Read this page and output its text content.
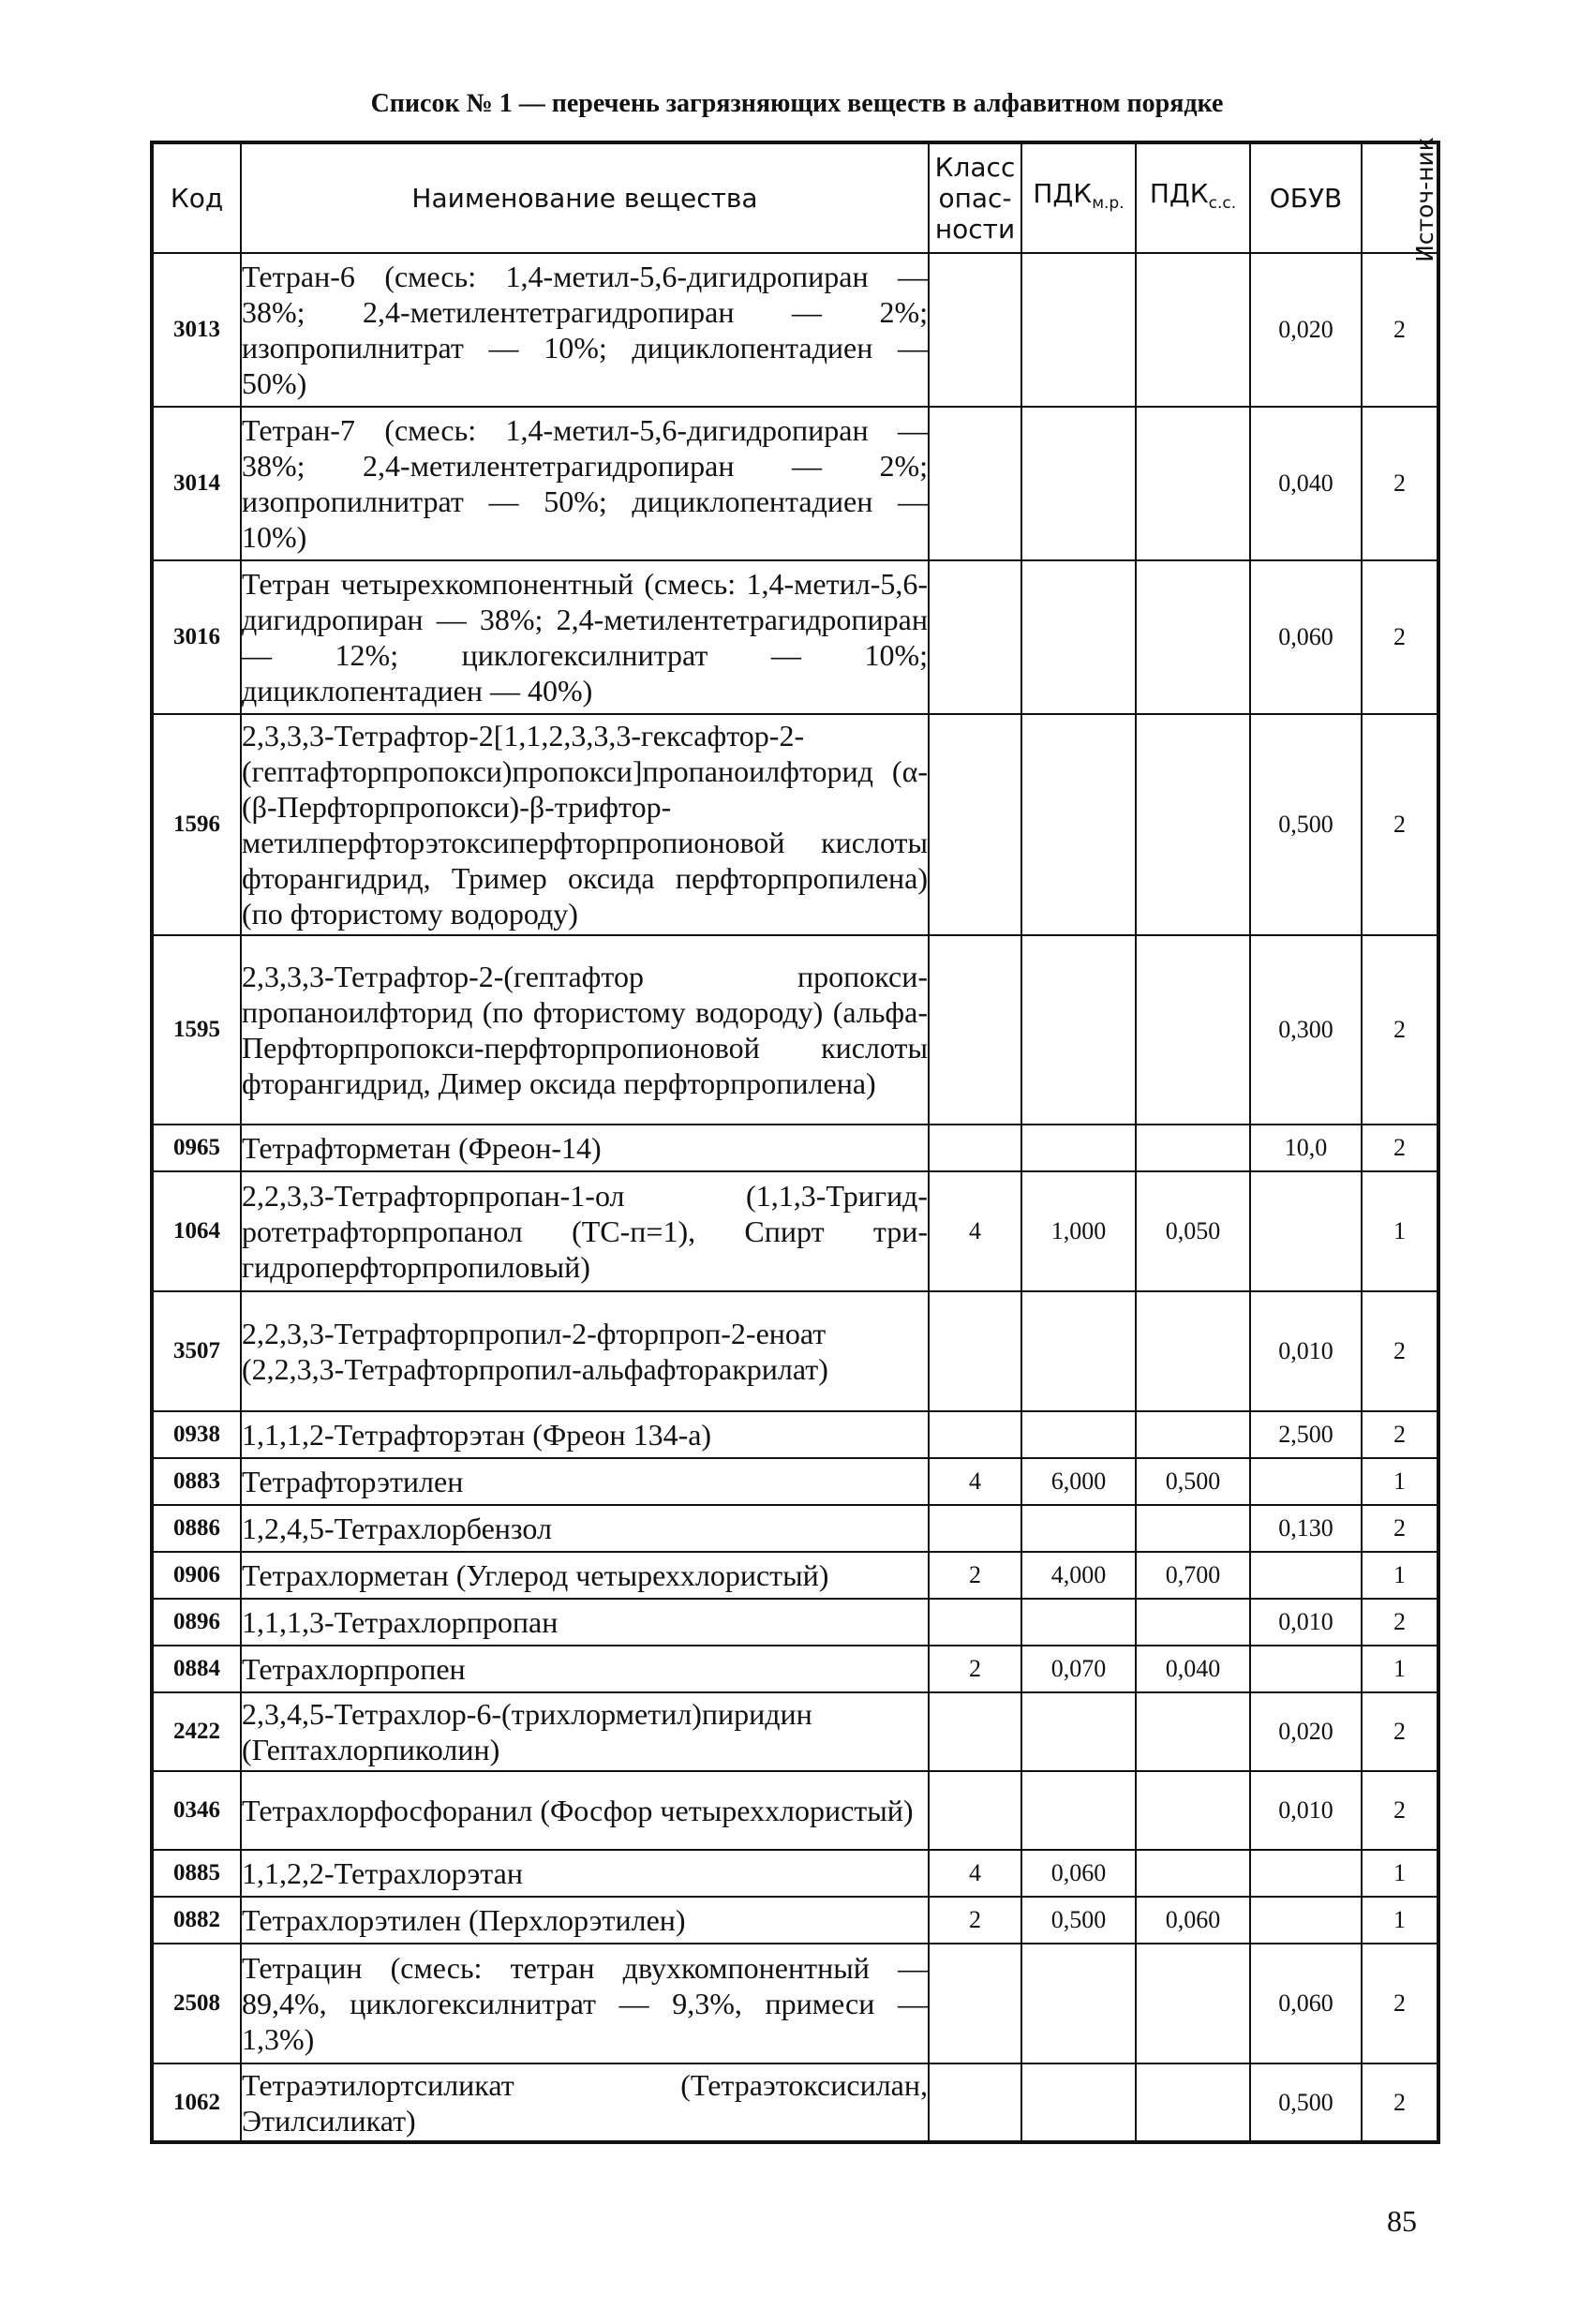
Список № 1 — перечень загрязняющих веществ в алфавитном порядке
Код	Наименование вещества	Класс опасности	$ПДК_{м.р.}$	$ПДК_{с.с.}$	ОБУВ	Источ-ник
3013	Тетран-6 (смесь: 1,4-метил-5,6-дигидропиран — 38%; 2,4-метилентетрагидропиран — 2%; изопропилнитрат — 10%; дициклопентадиен — 50%)				0,020	2
3014	Тетран-7 (смесь: 1,4-метил-5,6-дигидропиран — 38%; 2,4-метилентетрагидропиран — 2%; изопропилнитрат — 50%; дициклопентадиен — 10%)				0,040	2
3016	Тетран четырехкомпонентный (смесь: 1,4-метил-5,6-дигидропиран — 38%; 2,4-метилентетрагидропиран — 12%; циклогексилнитрат — 10%; дициклопентадиен — 40%)				0,060	2
1596	2,3,3,3-Тетрафтор-2[1,1,2,3,3,3-гексафтор-2-(гептафторпропокси)пропокси]пропаноилфторид (α-(β-Перфторпропокси)-β-трифторметилперфторэтоксиперфторпропионовой кислоты фторангидрид, Тример оксида перфторпропилена) (по фтористому водороду)				0,500	2
1595	2,3,3,3-Тетрафтор-2-(гептафтор пропоксипропаноилфторид (по фтористому водороду) (альфа-Перфторпропокси-перфторпропионовой кислоты фторангидрид, Димер оксида перфторпропилена)				0,300	2
0965	Тетрафторметан (Фреон-14)				10,0	2
1064	2,2,3,3-Тетрафторпропан-1-ол (1,1,3-Тригидротетрафторпропанол (ТС-п=1), Спирт тригидроперфторпропиловый)	4	1,000	0,050		1
3507	2,2,3,3-Тетрафторпропил-2-фторпроп-2-еноат (2,2,3,3-Тетрафторпропил-альфафторакрилат)				0,010	2
0938	1,1,1,2-Тетрафторэтан (Фреон 134-а)				2,500	2
0883	Тетрафторэтилен	4	6,000	0,500		1
0886	1,2,4,5-Тетрахлорбензол				0,130	2
0906	Тетрахлорметан (Углерод четыреххлористый)	2	4,000	0,700		1
0896	1,1,1,3-Тетрахлорпропан				0,010	2
0884	Тетрахлорпропен	2	0,070	0,040		1
2422	2,3,4,5-Тетрахлор-6-(трихлорметил)пиридин (Гептахлорпиколин)				0,020	2
0346	Тетрахлорфосфоранил (Фосфор четыреххлористый)				0,010	2
0885	1,1,2,2-Тетрахлорэтан	4	0,060			1
0882	Тетрахлорэтилен (Перхлорэтилен)	2	0,500	0,060		1
2508	Тетрацин (смесь: тетран двухкомпонентный — 89,4%, циклогексилнитрат — 9,3%, примеси — 1,3%)				0,060	2
1062	Тетраэтилортсиликат (Тетраэтоксисилан, Этилсиликат)				0,500	2
85
